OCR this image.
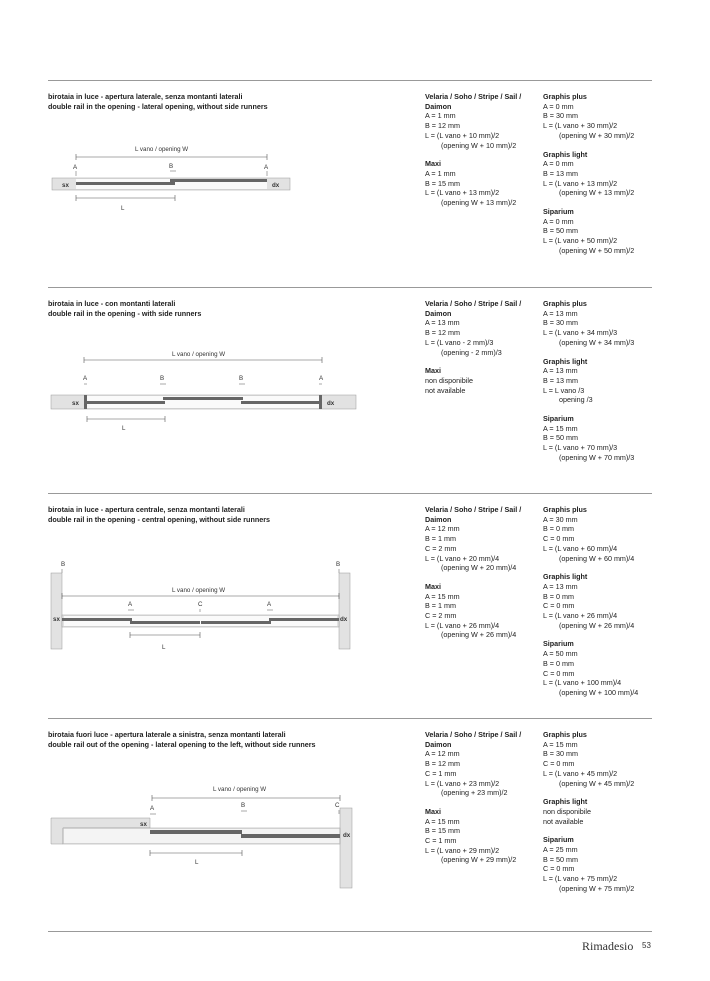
birotaia in luce - apertura laterale, senza montanti laterali
double rail in the opening - lateral opening, without side runners
L vano / opening W
A	B	A
sx	dx
L
Velaria / Soho / Stripe / Sail / Daimon
A = 1 mm
B = 12 mm
L = (L vano + 10 mm)/2
(opening W + 10 mm)/2
Maxi
A = 1 mm
B = 15 mm
L = (L vano + 13 mm)/2
(opening W + 13 mm)/2
Graphis plus
A = 0 mm
B = 30 mm
L = (L vano + 30 mm)/2
(opening W + 30 mm)/2
Graphis light
A = 0 mm
B = 13 mm
L = (L vano + 13 mm)/2
(opening W + 13 mm)/2
Siparium
A = 0 mm
B = 50 mm
L = (L vano + 50 mm)/2
(opening W + 50 mm)/2
birotaia in luce - con montanti laterali
double rail in the opening - with side runners
L vano / opening W
A	B	B	A
sx	dx
L
Velaria / Soho / Stripe / Sail / Daimon
A = 13 mm
B = 12 mm
L = (L vano - 2 mm)/3
(opening - 2 mm)/3
Maxi
non disponibile
not available
Graphis plus
A = 13 mm
B = 30 mm
L = (L vano + 34 mm)/3
(opening W + 34 mm)/3
Graphis light
A = 13 mm
B = 13 mm
L = L vano /3
opening /3
Siparium
A = 15 mm
B = 50 mm
L = (L vano + 70 mm)/3
(opening W + 70 mm)/3
birotaia in luce - apertura centrale, senza montanti laterali
double rail in the opening - central opening, without side runners
B	B
L vano / opening W
A	C	A
sx	dx
L
Velaria / Soho / Stripe / Sail / Daimon
A = 12 mm
B = 1 mm
C = 2 mm
L = (L vano + 20 mm)/4
(opening W + 20 mm)/4
Maxi
A = 15 mm
B = 1 mm
C = 2 mm
L = (L vano + 26 mm)/4
(opening W + 26 mm)/4
Graphis plus
A = 30 mm
B = 0 mm
C = 0 mm
L = (L vano + 60 mm)/4
(opening W + 60 mm)/4
Graphis light
A = 13 mm
B = 0 mm
C = 0 mm
L = (L vano + 26 mm)/4
(opening W + 26 mm)/4
Siparium
A = 50 mm
B = 0 mm
C = 0 mm
L = (L vano + 100 mm)/4
(opening W + 100 mm)/4
birotaia fuori luce - apertura laterale a sinistra, senza montanti laterali
double rail out of the opening - lateral opening to the left, without side runners
L vano / opening W
A	B	C
sx
dx
L
Velaria / Soho / Stripe / Sail / Daimon
A = 12 mm
B = 12 mm
C = 1 mm
L = (L vano + 23 mm)/2
(opening + 23 mm)/2
Maxi
A = 15 mm
B = 15 mm
C = 1 mm
L = (L vano + 29 mm)/2
(opening W + 29 mm)/2
Graphis plus
A = 15 mm
B = 30 mm
C = 0 mm
L = (L vano + 45 mm)/2
(opening W + 45 mm)/2
Graphis light
non disponibile
not available
Siparium
A = 25 mm
B = 50 mm
C = 0 mm
L = (L vano + 75 mm)/2
(opening W + 75 mm)/2
Rimadesio 53
